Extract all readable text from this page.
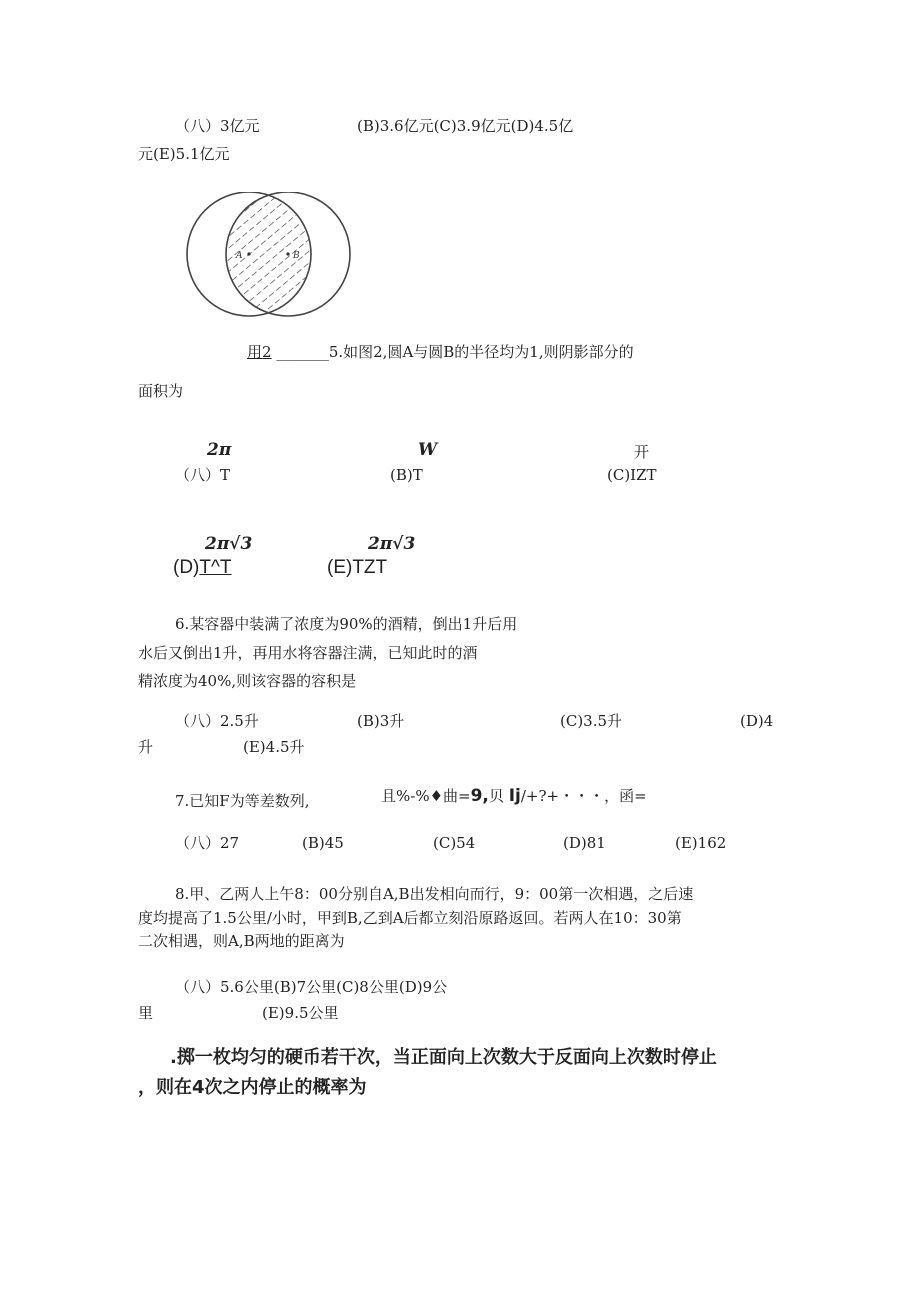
（八）3亿元	(B)3.6亿元(C)3.9亿元(D)4.5亿
元(E)5.1亿元
A	B
用2 _______5.如图2,圆A与圆B的半径均为1,则阴影部分的
面积为
2π	W	开
（八）T	(B)T	(C)IZT
2π√3	2π√3
(D)T^T	(E)TZT
6.某容器中装满了浓度为90%的酒精，倒出1升后用
水后又倒出1升，再用水将容器注满，已知此时的酒
精浓度为40%,则该容器的容积是
（八）2.5升	(B)3升	(C)3.5升	(D)4
升	(E)4.5升
7.已知F为等差数列,	且%-%♦曲=9,贝 Ij/+?+・・・，函=
（八）27	(B)45	(C)54	(D)81	(E)162
8.甲、乙两人上午8：00分别自A,B出发相向而行，9：00第一次相遇，之后速
度均提高了1.5公里/小时，甲到B,乙到A后都立刻沿原路返回。若两人在10：30第
二次相遇，则A,B两地的距离为
（八）5.6公里(B)7公里(C)8公里(D)9公
里	(E)9.5公里
.掷一枚均匀的硬币若干次，当正面向上次数大于反面向上次数时停止
，则在4次之内停止的概率为
